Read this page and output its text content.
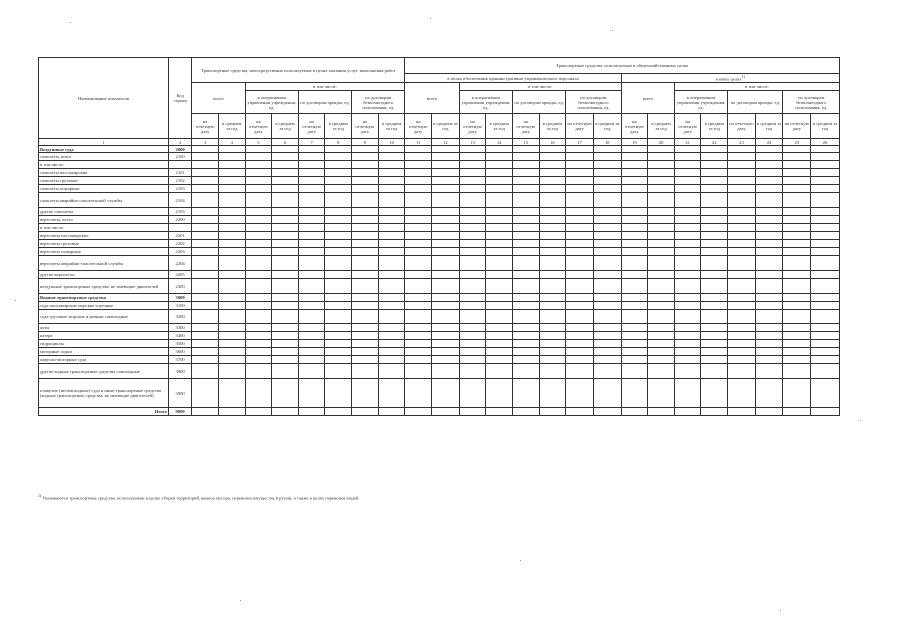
Наименование показателя	Код строки	Транспортные средства, непосредственно используемые в целях оказания услуг, выполнения работ								Транспортные средства, используемые в общехозяйственных целях															
										в целях обеспечения административно-управленческого персонала								в иных целях$^{1)}$
		всего		в том числе:						всего		в том числе:						всего		в том числе:					
				в оперативном управлении учреждения, ед.		по договорам аренды, ед.		по договорам безвозмездного пользования, ед.				в оперативном управлении учреждения, ед.		по договорам аренды, ед.		по договорам безвозмездного пользования, ед.				в оперативном управлении учреждения, ед.		по договорам аренды, ед.		по договорам безвозмездного пользования, ед.	
		на отчетную дату	в среднем за год	на отчетную дату	в среднем за год	на отчетную дату	в среднем за год	на отчетную дату	в среднем за год	на отчетную дату	в среднем за год	на отчетную дату	в среднем за год	на отчетную дату	в среднем за год	на отчетную дату	в среднем за год	на отчетную дату	в среднем за год	на отчетную дату	в среднем за год	на отчетную дату	в среднем за год	на отчетную дату	в среднем за год
1	2	3	4	5	6	7	8	9	10	11	12	13	14	15	16	17	18	19	20	21	22	23	24	25	26
Воздушные суда	2000																								
самолеты, всего	2100																								
в том числе:																									
самолеты пассажирские	2101																								
самолеты грузовые	2102																								
самолеты пожарные	2103																								
самолеты аварийно-спасательной службы	2104																								
другие самолеты	2105																								
вертолеты, всего	2200																								
в том числе:																									
вертолеты пассажирские	2201																								
вертолеты грузовые	2202																								
вертолеты пожарные	2203																								
вертолеты аварийно-спасательной службы	2204																								
другие вертолеты	2205																								
воздушные транспортные средства, не имеющие двигателей	2300																								
Водные транспортные средства	3000																								
суда пассажирские морские и речные	3100																								
суда грузовые морские и речные самоходные	3200																								
яхты	3300																								
катера	3400																								
гидроциклы	3500																								
моторные лодки	3600																								
парусно-моторные суда	3700																								
другие водные транспортные средства самоходные	3800																								
плавучие (несамоходные) суда и иные транспортные средства (водные транспортные средства, не имеющие двигателей)	3900																								
Итого	9000																								
$^{1)}$ Указываются транспортные средства, используемые в целях уборки территорий, вывоза мусора, перевозки имущества (грузов), а также в целях перевозки людей
